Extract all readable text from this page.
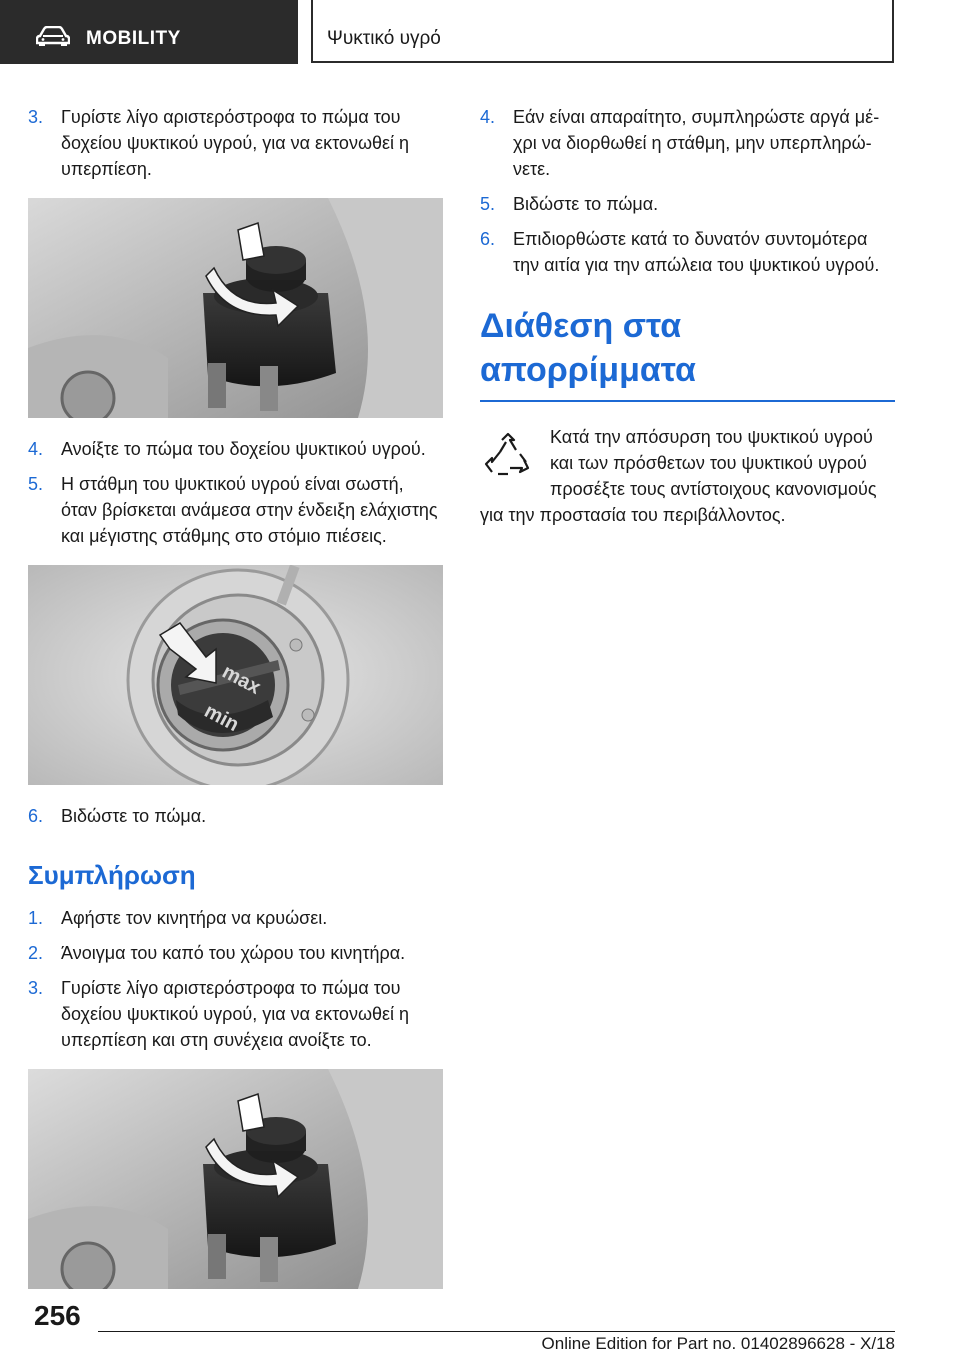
MOBILITY	Ψυκτικό υγρό
3. Γυρίστε λίγο αριστερόστροφα το πώμα του δοχείου ψυκτικού υγρού, για να εκτονωθεί η υπερπίεση.
4. Ανοίξτε το πώμα του δοχείου ψυκτικού υγρού.
5. Η στάθμη του ψυκτικού υγρού είναι σωστή, όταν βρίσκεται ανάμεσα στην ένδειξη ελάχιστης και μέγιστης στάθμης στο στόμιο πιέσεις.
max
min
6. Βιδώστε το πώμα.
Συμπλήρωση
1. Αφήστε τον κινητήρα να κρυώσει.
2. Άνοιγμα του καπό του χώρου του κινητήρα.
3. Γυρίστε λίγο αριστερόστροφα το πώμα του δοχείου ψυκτικού υγρού, για να εκτονωθεί η υπερπίεση και στη συνέχεια ανοίξτε το.
4. Εάν είναι απαραίτητο, συμπληρώστε αργά μέχρι να διορθωθεί η στάθμη, μην υπερπληρώνετε.
5. Βιδώστε το πώμα.
6. Επιδιορθώστε κατά το δυνατόν συντομότερα την αιτία για την απώλεια του ψυκτικού υγρού.
Διάθεση στα απορρίμματα
Κατά την απόσυρση του ψυκτικού υγρού και των πρόσθετων του ψυκτικού υγρού προσέξτε τους αντίστοιχους κανονισμούς για την προστασία του περιβάλλοντος.
256
Online Edition for Part no. 01402896628 - X/18
